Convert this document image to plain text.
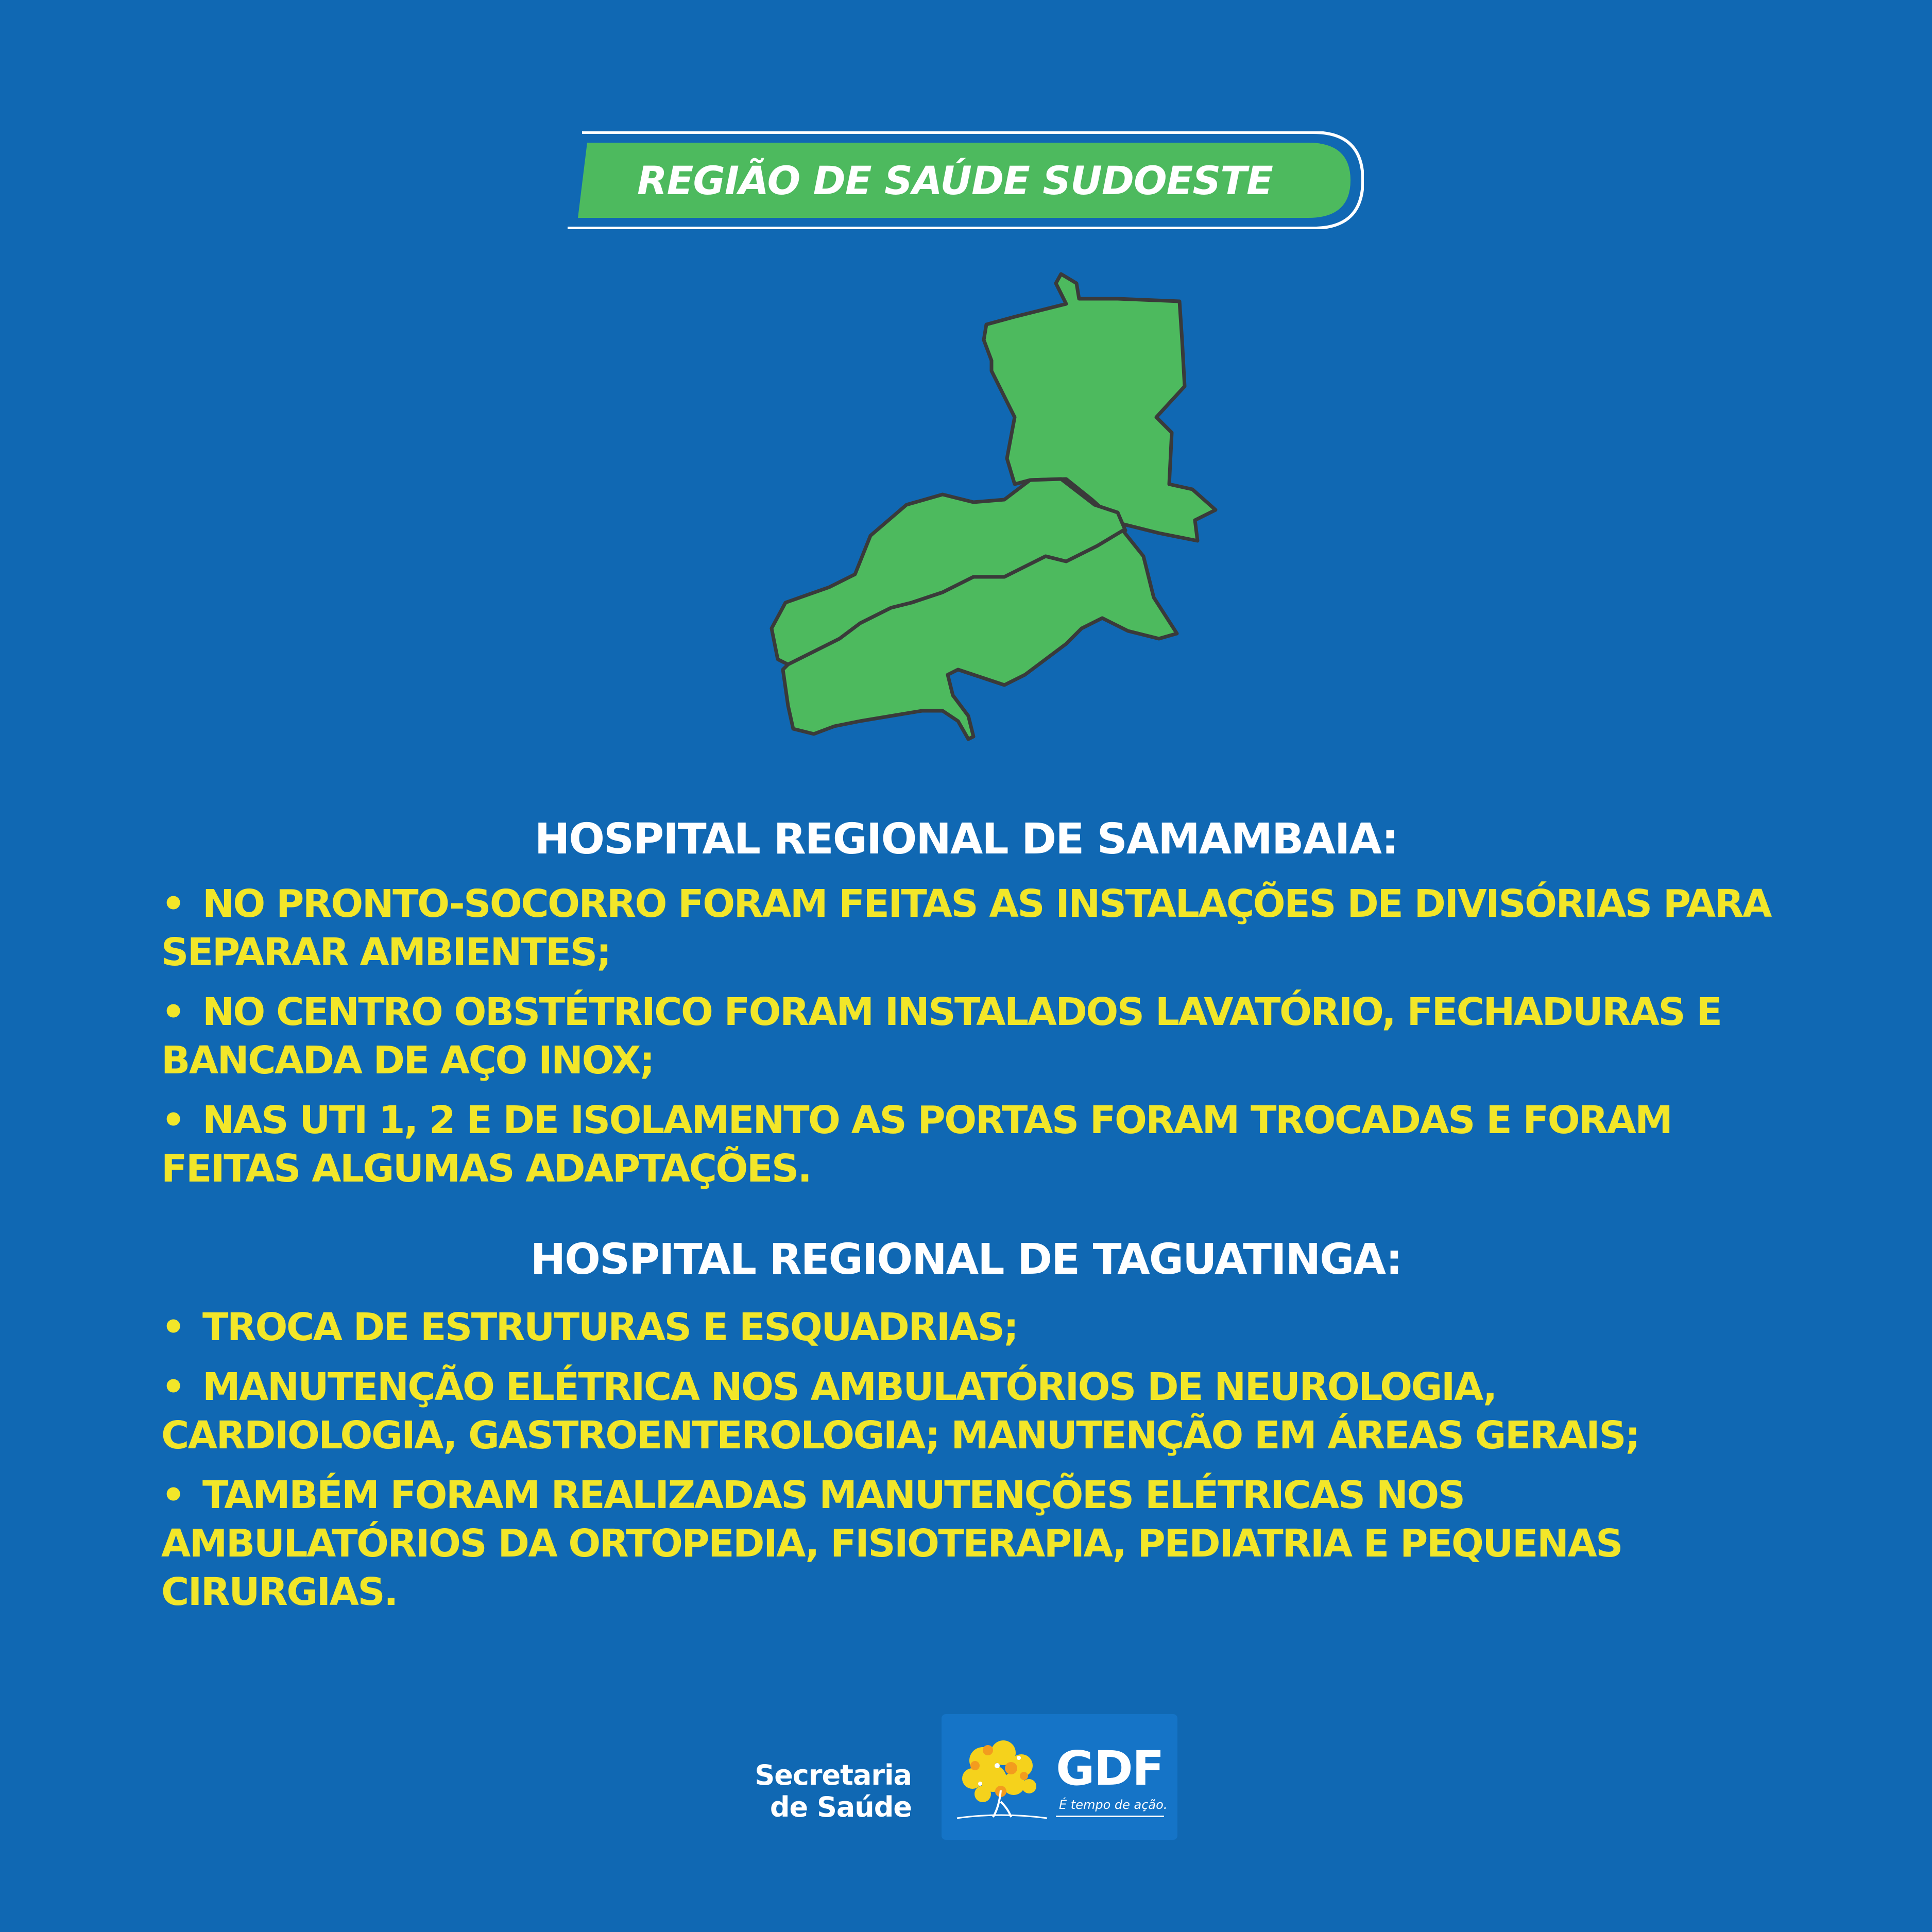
REGIÃO DE SAÚDE SUDOESTE
HOSPITAL REGIONAL DE SAMAMBAIA:
• NO PRONTO-SOCORRO FORAM FEITAS AS INSTALAÇÕES DE DIVISÓRIAS PARA SEPARAR AMBIENTES;
• NO CENTRO OBSTÉTRICO FORAM INSTALADOS LAVATÓRIO, FECHADURAS E BANCADA DE AÇO INOX;
• NAS UTI 1, 2 E DE ISOLAMENTO AS PORTAS FORAM TROCADAS E FORAM FEITAS ALGUMAS ADAPTAÇÕES.
HOSPITAL REGIONAL DE TAGUATINGA:
• TROCA DE ESTRUTURAS E ESQUADRIAS;
• MANUTENÇÃO ELÉTRICA NOS AMBULATÓRIOS DE NEUROLOGIA, CARDIOLOGIA, GASTROENTEROLOGIA; MANUTENÇÃO EM ÁREAS GERAIS;
• TAMBÉM FORAM REALIZADAS MANUTENÇÕES ELÉTRICAS NOS AMBULATÓRIOS DA ORTOPEDIA, FISIOTERAPIA, PEDIATRIA E PEQUENAS CIRURGIAS.
Secretaria
de Saúde
GDF
É tempo de ação.
